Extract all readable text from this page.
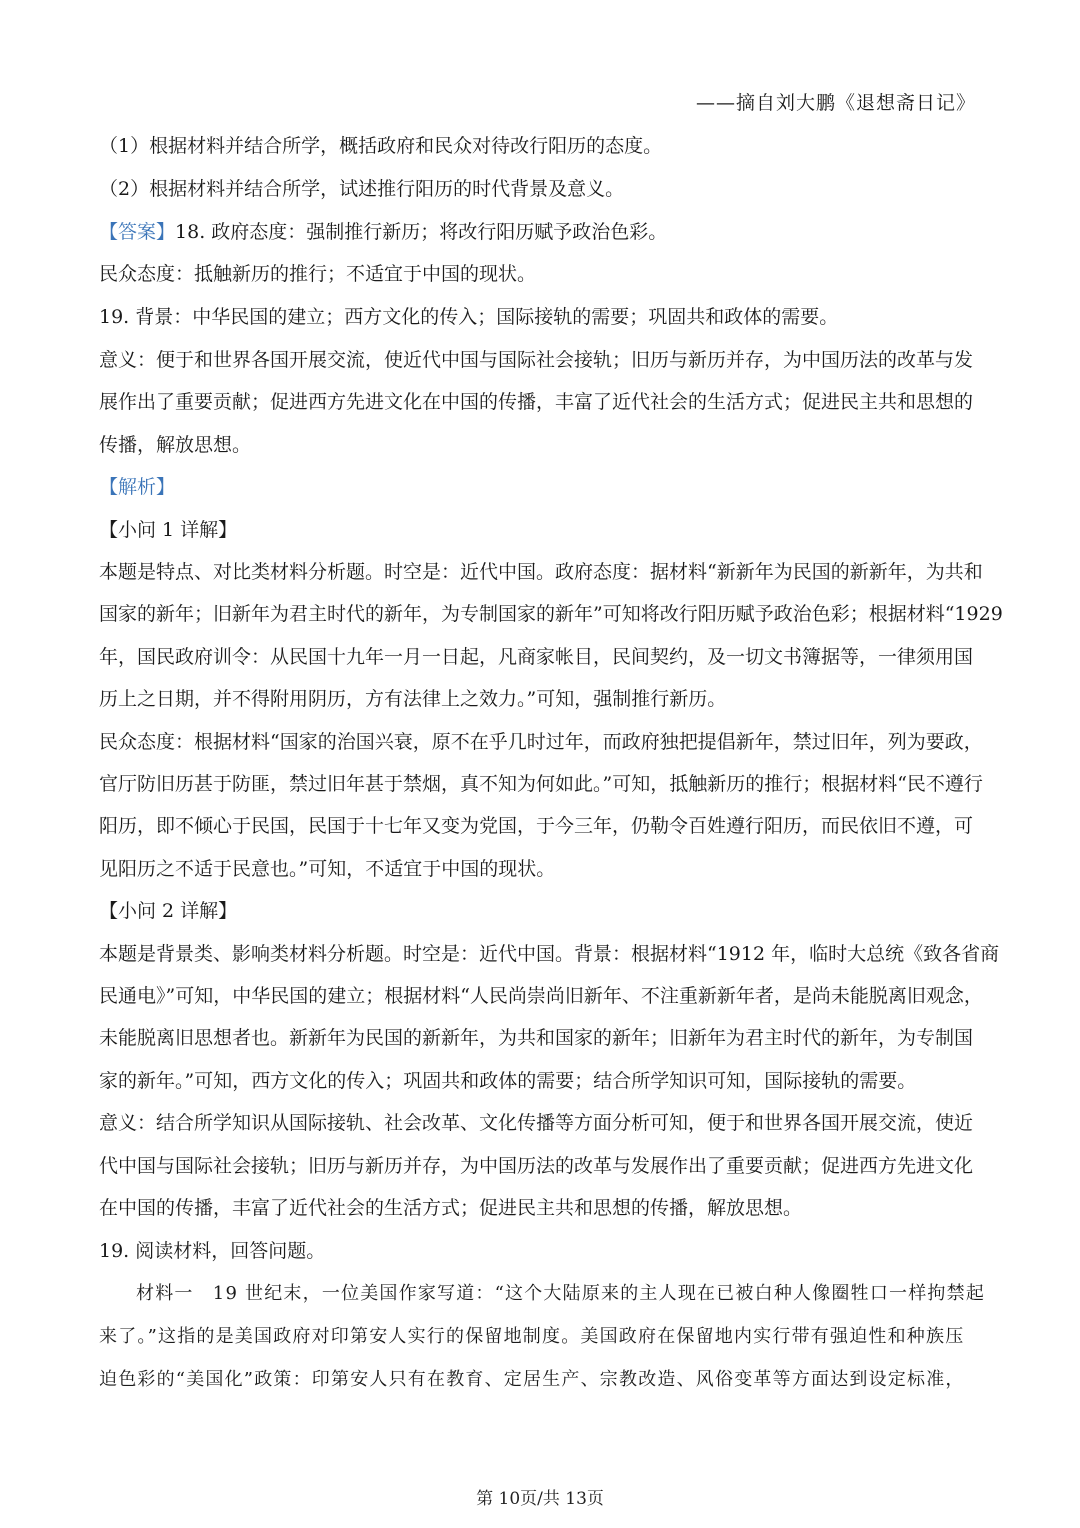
——摘自刘大鹏《退想斋日记》
（1）根据材料并结合所学，概括政府和民众对待改行阳历的态度。
（2）根据材料并结合所学，试述推行阳历的时代背景及意义。
【答案】18. 政府态度：强制推行新历；将改行阳历赋予政治色彩。
民众态度：抵触新历的推行；不适宜于中国的现状。
19. 背景：中华民国的建立；西方文化的传入；国际接轨的需要；巩固共和政体的需要。
意义：便于和世界各国开展交流，使近代中国与国际社会接轨；旧历与新历并存，为中国历法的改革与发
展作出了重要贡献；促进西方先进文化在中国的传播，丰富了近代社会的生活方式；促进民主共和思想的
传播，解放思想。
【解析】
【小问 1 详解】
本题是特点、对比类材料分析题。时空是：近代中国。政府态度：据材料“新新年为民国的新新年，为共和
国家的新年；旧新年为君主时代的新年，为专制国家的新年”可知将改行阳历赋予政治色彩；根据材料“1929
年，国民政府训令：从民国十九年一月一日起，凡商家帐目，民间契约，及一切文书簿据等，一律须用国
历上之日期，并不得附用阴历，方有法律上之效力。”可知，强制推行新历。
民众态度：根据材料“国家的治国兴衰，原不在乎几时过年，而政府独把提倡新年，禁过旧年，列为要政，
官厅防旧历甚于防匪，禁过旧年甚于禁烟，真不知为何如此。”可知，抵触新历的推行；根据材料“民不遵行
阳历，即不倾心于民国，民国于十七年又变为党国，于今三年，仍勒令百姓遵行阳历，而民依旧不遵，可
见阳历之不适于民意也。”可知，不适宜于中国的现状。
【小问 2 详解】
本题是背景类、影响类材料分析题。时空是：近代中国。背景：根据材料“1912 年，临时大总统《致各省商
民通电》”可知，中华民国的建立；根据材料“人民尚崇尚旧新年、不注重新新年者，是尚未能脱离旧观念，
未能脱离旧思想者也。新新年为民国的新新年，为共和国家的新年；旧新年为君主时代的新年，为专制国
家的新年。”可知，西方文化的传入；巩固共和政体的需要；结合所学知识可知，国际接轨的需要。
意义：结合所学知识从国际接轨、社会改革、文化传播等方面分析可知，便于和世界各国开展交流，使近
代中国与国际社会接轨；旧历与新历并存，为中国历法的改革与发展作出了重要贡献；促进西方先进文化
在中国的传播，丰富了近代社会的生活方式；促进民主共和思想的传播，解放思想。
19. 阅读材料，回答问题。
材料一　19 世纪末，一位美国作家写道：“这个大陆原来的主人现在已被白种人像圈牲口一样拘禁起
来了。”这指的是美国政府对印第安人实行的保留地制度。美国政府在保留地内实行带有强迫性和种族压
迫色彩的“美国化”政策：印第安人只有在教育、定居生产、宗教改造、风俗变革等方面达到设定标准，
第 10页/共 13页
